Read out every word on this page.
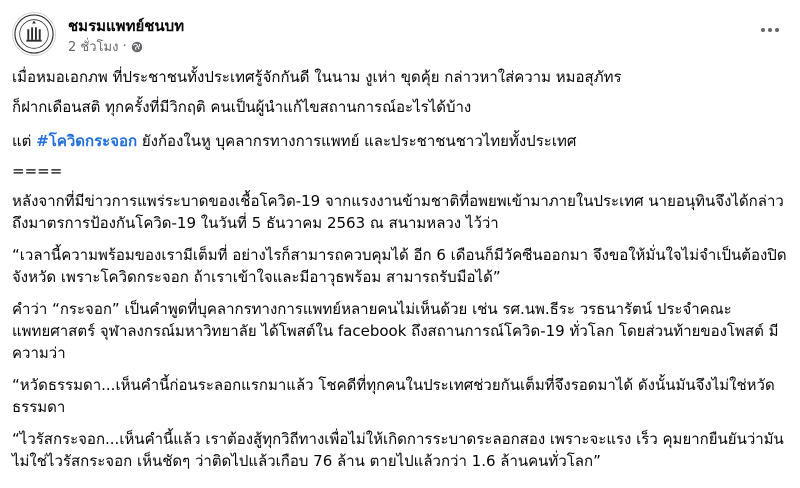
ชมรมแพทย์ชนบท
2 ชั่วโมง ·

เมื่อหมอเอกภพ ที่ประชาชนทั้งประเทศรู้จักกันดี ในนาม งูเห่า ขุดคุ้ย กล่าวหาใส่ความ หมอสุภัทร

ก็ฝากเดือนสติ ทุกครั้งที่มีวิกฤติ คนเป็นผู้นำแก้ไขสถานการณ์อะไรได้บ้าง

แต่ #โควิดกระจอก ยังก้องในหู บุคลากรทางการแพทย์ และประชาชนชาวไทยทั้งประเทศ

====

หลังจากที่มีข่าวการแพร่ระบาดของเชื้อโควิด-19 จากแรงงานข้ามชาติที่อพยพเข้ามาภายในประเทศ นายอนุทินจึงได้กล่าวถึงมาตรการป้องกันโควิด-19 ในวันที่ 5 ธันวาคม 2563 ณ สนามหลวง ไว้ว่า

“เวลานี้ความพร้อมของเรามีเต็มที่ อย่างไรก็สามารถควบคุมได้ อีก 6 เดือนก็มีวัคซีนออกมา จึงขอให้มั่นใจไม่จำเป็นต้องปิดจังหวัด เพราะโควิดกระจอก ถ้าเราเข้าใจและมีอาวุธพร้อม สามารถรับมือได้”

คำว่า “กระจอก” เป็นคำพูดที่บุคลากรทางการแพทย์หลายคนไม่เห็นด้วย เช่น รศ.นพ.ธีระ วรธนารัตน์ ประจำคณะแพทยศาสตร์ จุฬาลงกรณ์มหาวิทยาลัย ได้โพสต์ใน facebook ถึงสถานการณ์โควิด-19 ทั่วโลก โดยส่วนท้ายของโพสต์ มีความว่า

“หวัดธรรมดา...เห็นคำนี้ก่อนระลอกแรกมาแล้ว โชคดีที่ทุกคนในประเทศช่วยกันเต็มที่จึงรอดมาได้ ดังนั้นมันจึงไม่ใช่หวัดธรรมดา

“ไวรัสกระจอก...เห็นคำนี้แล้ว เราต้องสู้ทุกวิถีทางเพื่อไม่ให้เกิดการระบาดระลอกสอง เพราะจะแรง เร็ว คุมยากยืนยันว่ามันไม่ใช่ไวรัสกระจอก เห็นชัดๆ ว่าติดไปแล้วเกือบ 76 ล้าน ตายไปแล้วกว่า 1.6 ล้านคนทั่วโลก”
